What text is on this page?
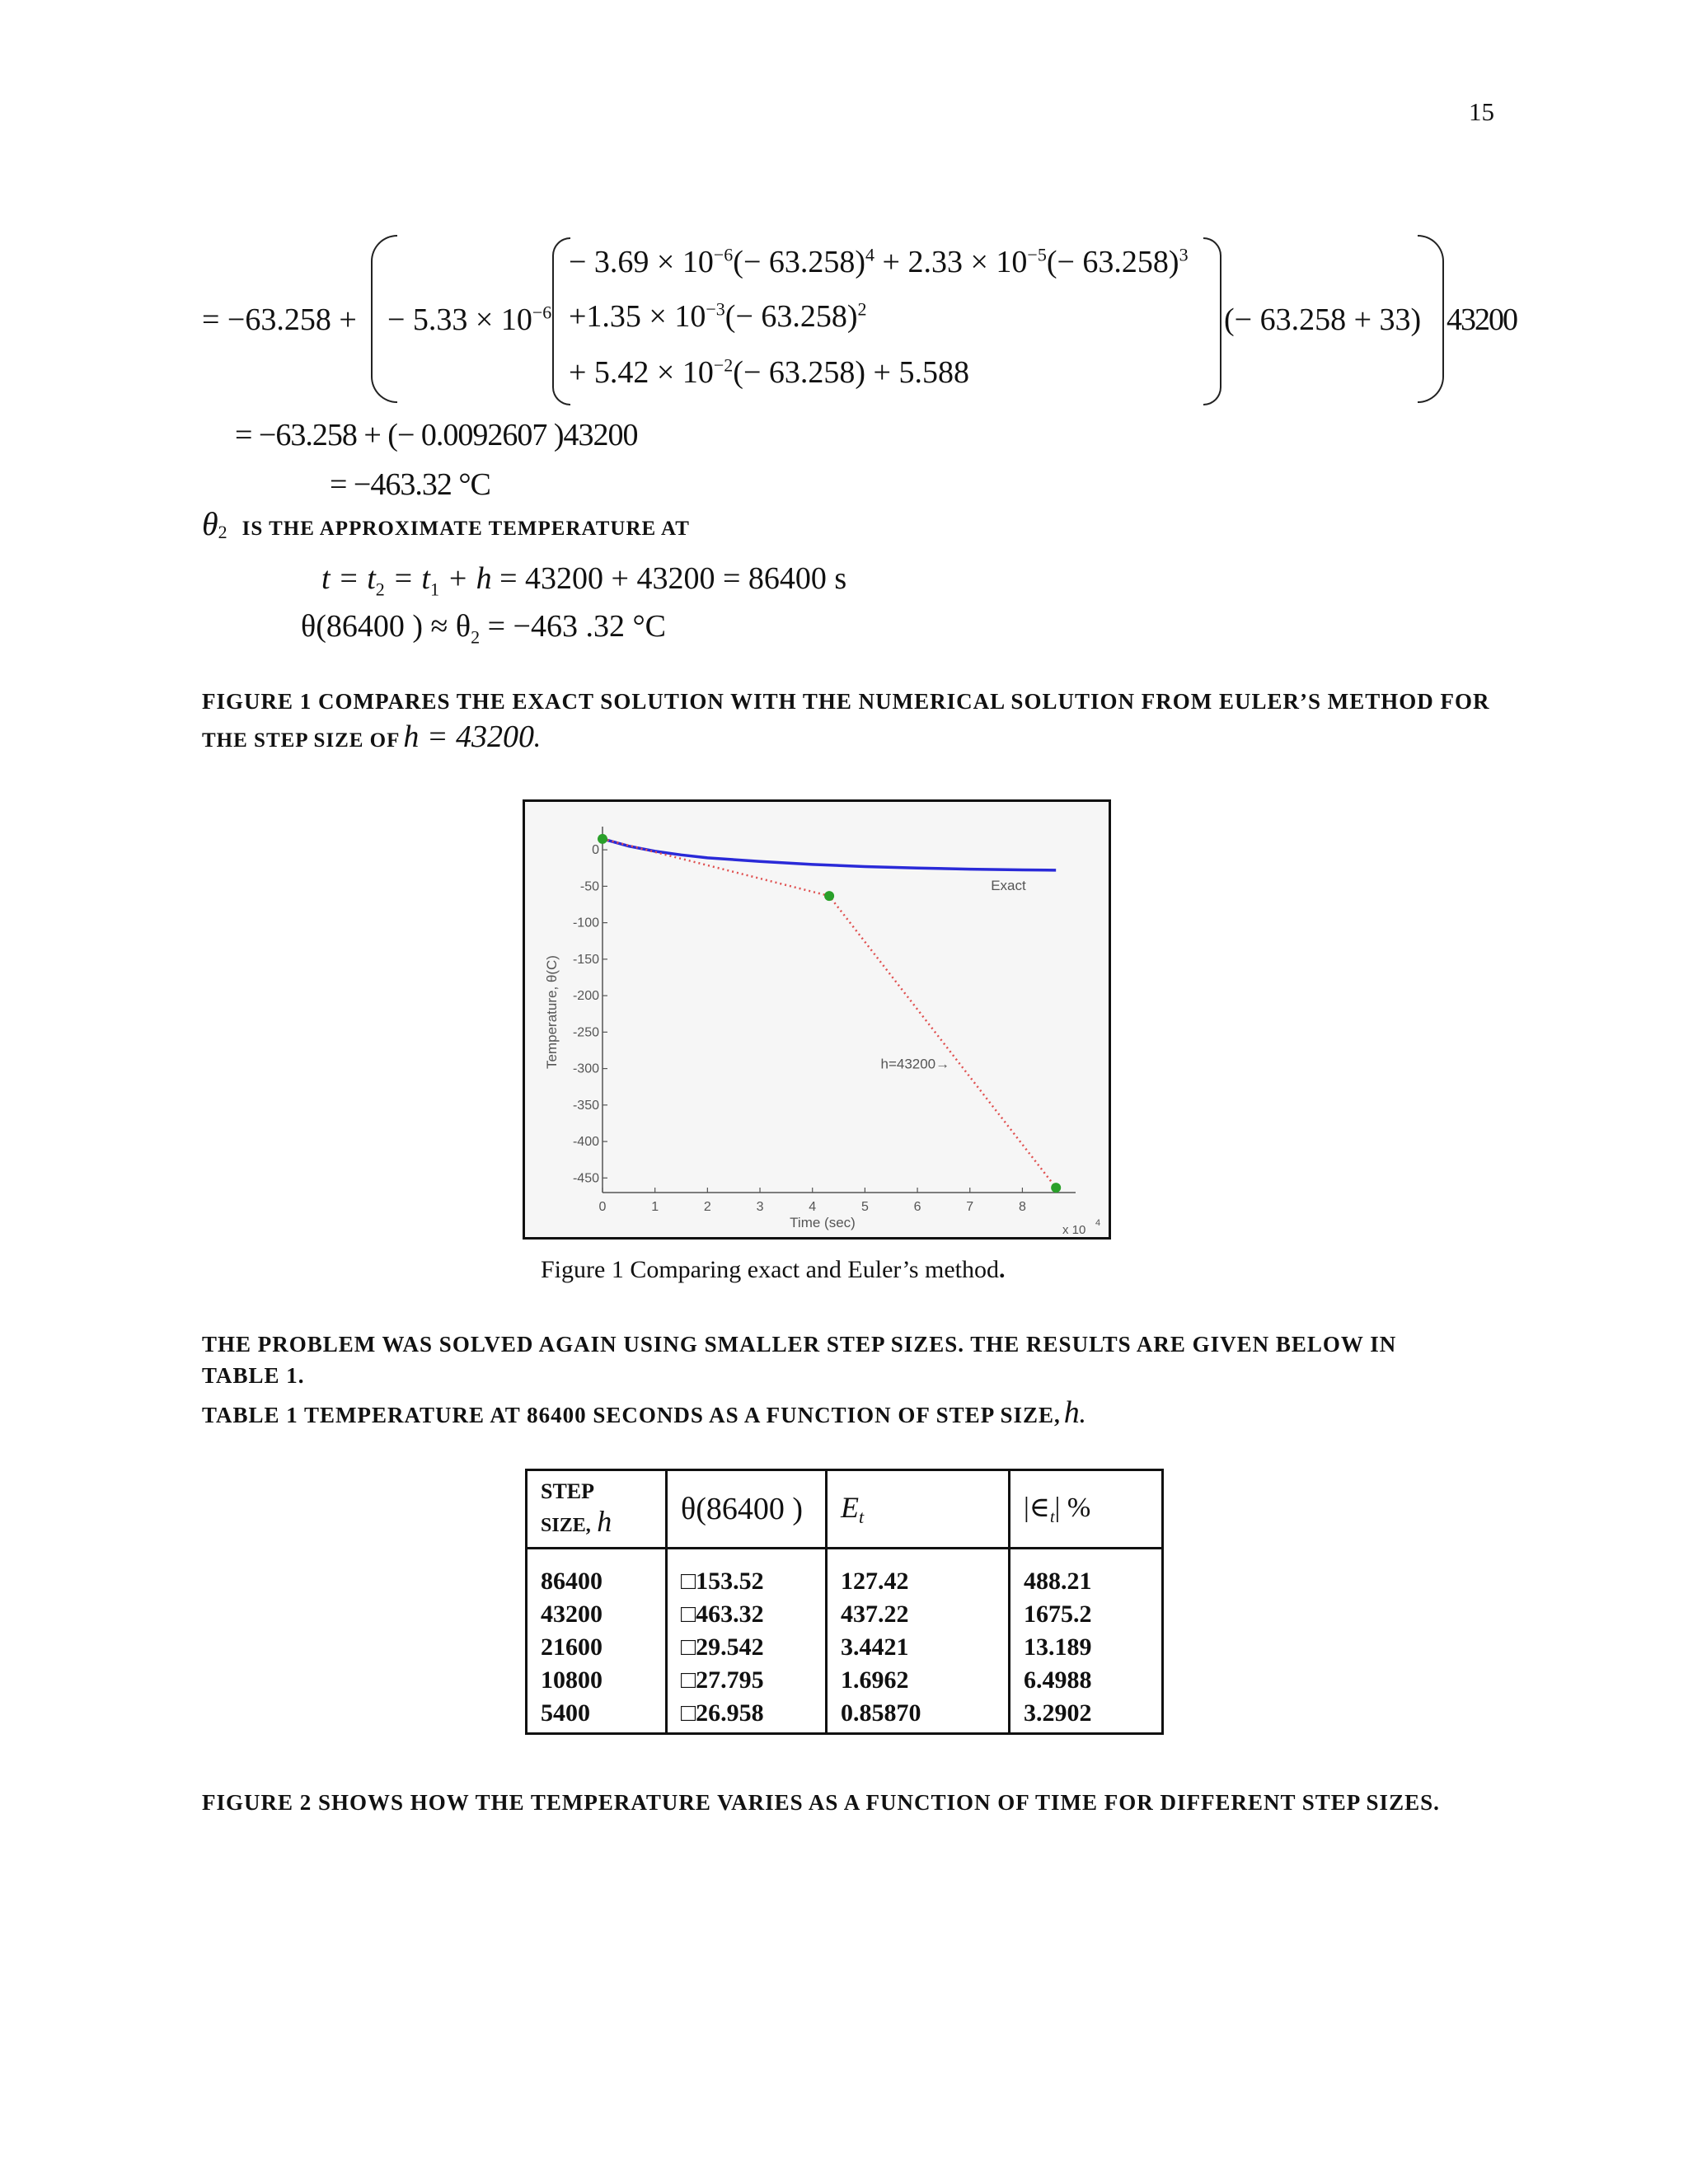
15
= −63.258 + − $5.33 \times 10^{-6}$
− $3.69 \times 10^{-6}(- 63.258)^4 + 2.33 \times 10^{-5}(- 63.258)^3$
$+1.35 \times 10^{-3}(- 63.258)^2$
+ $5.42 \times 10^{-2}(- 63.258) + 5.588$
(− 63.258 + 33) 43200
= −63.258 + (− 0.0092607 )43200
= −463.32 °C
$\theta_2$ IS THE APPROXIMATE TEMPERATURE AT
$t = t_2 = t_1 + h = 43200 + 43200 = 86400$ s
θ(86400 ) ≈ $\theta_2 = -463$ .32 °C
FIGURE 1 COMPARES THE EXACT SOLUTION WITH THE NUMERICAL SOLUTION FROM EULER’S METHOD FOR
THE STEP SIZE OF h = 43200.
0	1	2	3	4	5	6	7	8
0
-50
-100
-150
-200
-250
-300
-350
-400
-450
Time (sec)
Temperature, θ(C)
x 10 4
Exact
h=43200→
Figure 1 Comparing exact and Euler’s method.
THE PROBLEM WAS SOLVED AGAIN USING SMALLER STEP SIZES. THE RESULTS ARE GIVEN BELOW IN
TABLE 1.
TABLE 1 TEMPERATURE AT 86400 SECONDS AS A FUNCTION OF STEP SIZE, h.
STEP
SIZE, h	θ(86400 )	$E_t$	$|\in_t|$ %
86400	□153.52	127.42	488.21
43200	□463.32	437.22	1675.2
21600	□29.542	3.4421	13.189
10800	□27.795	1.6962	6.4988
5400	□26.958	0.85870	3.2902
FIGURE 2 SHOWS HOW THE TEMPERATURE VARIES AS A FUNCTION OF TIME FOR DIFFERENT STEP SIZES.
